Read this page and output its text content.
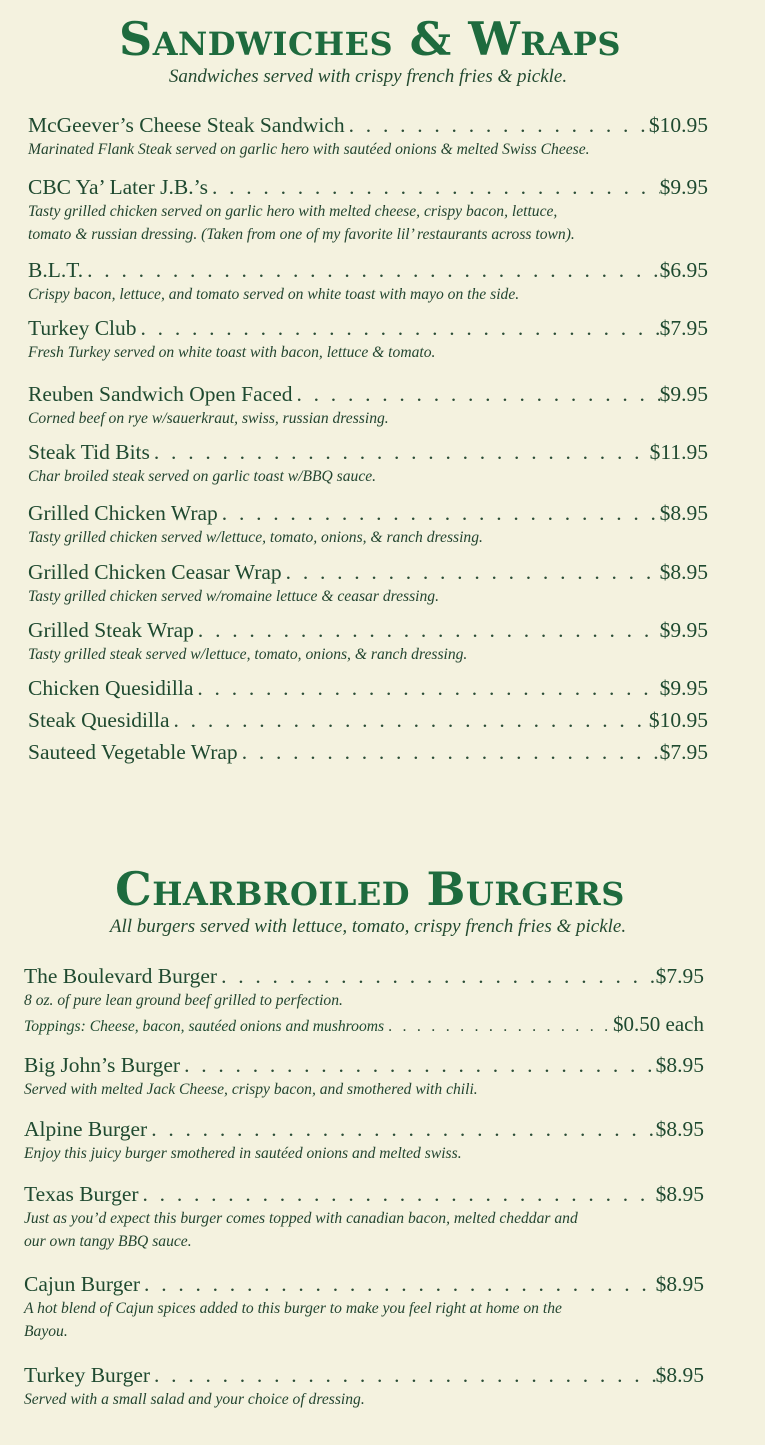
Sandwiches & Wraps
Sandwiches served with crispy french fries & pickle.
McGeever’s Cheese Steak Sandwich . . .	$10.95
Marinated Flank Steak served on garlic hero with sautéed onions & melted Swiss Cheese.
CBC Ya’ Later J.B.’s . . .	$9.95
Tasty grilled chicken served on garlic hero with melted cheese, crispy bacon, lettuce,
tomato & russian dressing. (Taken from one of my favorite lil’ restaurants across town).
B.L.T. . . .	$6.95
Crispy bacon, lettuce, and tomato served on white toast with mayo on the side.
Turkey Club . . .	$7.95
Fresh Turkey served on white toast with bacon, lettuce & tomato.
Reuben Sandwich Open Faced . . .	$9.95
Corned beef on rye w/sauerkraut, swiss, russian dressing.
Steak Tid Bits . . .	$11.95
Char broiled steak served on garlic toast w/BBQ sauce.
Grilled Chicken Wrap . . .	$8.95
Tasty grilled chicken served w/lettuce, tomato, onions, & ranch dressing.
Grilled Chicken Ceasar Wrap . . .	$8.95
Tasty grilled chicken served w/romaine lettuce & ceasar dressing.
Grilled Steak Wrap . . .	$9.95
Tasty grilled steak served w/lettuce, tomato, onions, & ranch dressing.
Chicken Quesidilla . . .	$9.95
Steak Quesidilla . . .	$10.95
Sauteed Vegetable Wrap . . .	$7.95
Charbroiled Burgers
All burgers served with lettuce, tomato, crispy french fries & pickle.
The Boulevard Burger . . .	$7.95
8 oz. of pure lean ground beef grilled to perfection.
Toppings: Cheese, bacon, sautéed onions and mushrooms . . .	$0.50 each
Big John’s Burger . . .	$8.95
Served with melted Jack Cheese, crispy bacon, and smothered with chili.
Alpine Burger . . .	$8.95
Enjoy this juicy burger smothered in sautéed onions and melted swiss.
Texas Burger . . .	$8.95
Just as you’d expect this burger comes topped with canadian bacon, melted cheddar and
our own tangy BBQ sauce.
Cajun Burger . . .	$8.95
A hot blend of Cajun spices added to this burger to make you feel right at home on the
Bayou.
Turkey Burger . . .	$8.95
Served with a small salad and your choice of dressing.
